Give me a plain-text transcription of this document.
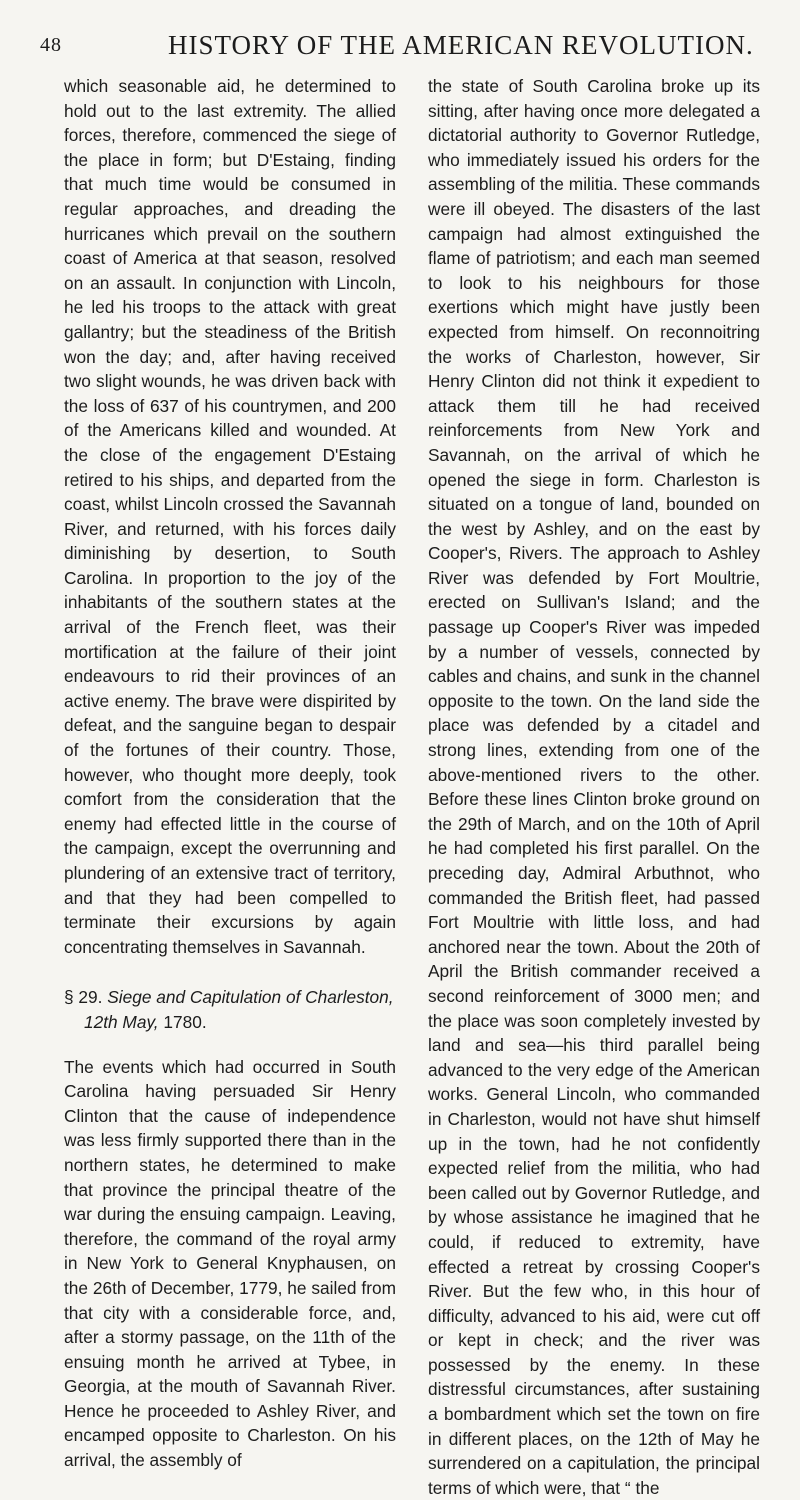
48	HISTORY OF THE AMERICAN REVOLUTION.

which seasonable aid, he determined to hold out to the last extremity. The allied forces, therefore, commenced the siege of the place in form; but D'Estaing, finding that much time would be consumed in regular approaches, and dreading the hurricanes which prevail on the southern coast of America at that season, resolved on an assault. In conjunction with Lincoln, he led his troops to the attack with great gallantry; but the steadiness of the British won the day; and, after having received two slight wounds, he was driven back with the loss of 637 of his countrymen, and 200 of the Americans killed and wounded. At the close of the engagement D'Estaing retired to his ships, and departed from the coast, whilst Lincoln crossed the Savannah River, and returned, with his forces daily diminishing by desertion, to South Carolina. In proportion to the joy of the inhabitants of the southern states at the arrival of the French fleet, was their mortification at the failure of their joint endeavours to rid their provinces of an active enemy. The brave were dispirited by defeat, and the sanguine began to despair of the fortunes of their country. Those, however, who thought more deeply, took comfort from the consideration that the enemy had effected little in the course of the campaign, except the overrunning and plundering of an extensive tract of territory, and that they had been compelled to terminate their excursions by again concentrating themselves in Savannah.

§ 29. Siege and Capitulation of Charleston, 12th May, 1780.

The events which had occurred in South Carolina having persuaded Sir Henry Clinton that the cause of independence was less firmly supported there than in the northern states, he determined to make that province the principal theatre of the war during the ensuing campaign. Leaving, therefore, the command of the royal army in New York to General Knyphausen, on the 26th of December, 1779, he sailed from that city with a considerable force, and, after a stormy passage, on the 11th of the ensuing month he arrived at Tybee, in Georgia, at the mouth of Savannah River. Hence he proceeded to Ashley River, and encamped opposite to Charleston. On his arrival, the assembly of

the state of South Carolina broke up its sitting, after having once more delegated a dictatorial authority to Governor Rutledge, who immediately issued his orders for the assembling of the militia. These commands were ill obeyed. The disasters of the last campaign had almost extinguished the flame of patriotism; and each man seemed to look to his neighbours for those exertions which might have justly been expected from himself. On reconnoitring the works of Charleston, however, Sir Henry Clinton did not think it expedient to attack them till he had received reinforcements from New York and Savannah, on the arrival of which he opened the siege in form. Charleston is situated on a tongue of land, bounded on the west by Ashley, and on the east by Cooper's, Rivers. The approach to Ashley River was defended by Fort Moultrie, erected on Sullivan's Island; and the passage up Cooper's River was impeded by a number of vessels, connected by cables and chains, and sunk in the channel opposite to the town. On the land side the place was defended by a citadel and strong lines, extending from one of the above-mentioned rivers to the other. Before these lines Clinton broke ground on the 29th of March, and on the 10th of April he had completed his first parallel. On the preceding day, Admiral Arbuthnot, who commanded the British fleet, had passed Fort Moultrie with little loss, and had anchored near the town. About the 20th of April the British commander received a second reinforcement of 3000 men; and the place was soon completely invested by land and sea—his third parallel being advanced to the very edge of the American works. General Lincoln, who commanded in Charleston, would not have shut himself up in the town, had he not confidently expected relief from the militia, who had been called out by Governor Rutledge, and by whose assistance he imagined that he could, if reduced to extremity, have effected a retreat by crossing Cooper's River. But the few who, in this hour of difficulty, advanced to his aid, were cut off or kept in check; and the river was possessed by the enemy. In these distressful circumstances, after sustaining a bombardment which set the town on fire in different places, on the 12th of May he surrendered on a capitulation, the principal terms of which were, that “ the
